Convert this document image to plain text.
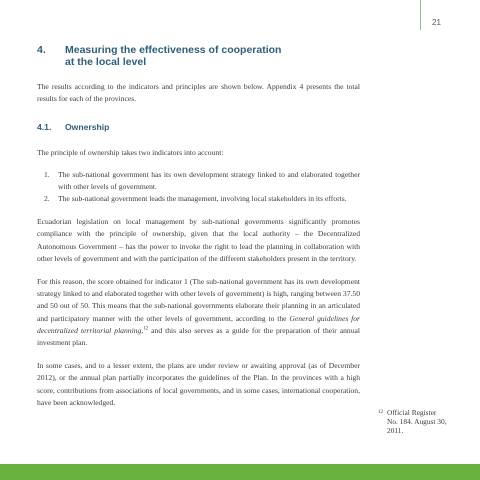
21
4.	Measuring the effectiveness of cooperation
at the local level

The results according to the indicators and principles are shown below. Appendix 4 presents the total results for each of the provinces.

4.1.	Ownership

The principle of ownership takes two indicators into account:

1. The sub-national government has its own development strategy linked to and elaborated together with other levels of government.
2. The sub-national government leads the management, involving local stakeholders in its efforts.

Ecuadorian legislation on local management by sub-national governments significantly promotes compliance with the principle of ownership, given that the local authority – the Decentralized Autonomous Government – has the power to invoke the right to lead the planning in collaboration with other levels of government and with the participation of the different stakeholders present in the territory.

For this reason, the score obtained for indicator 1 (The sub-national government has its own development strategy linked to and elaborated together with other levels of government) is high, ranging between 37.50 and 50 out of 50. This means that the sub-national governments elaborate their planning in an articulated and participatory manner with the other levels of government, according to the General guidelines for decentralized territorial planning,$^{12}$ and this also serves as a guide for the preparation of their annual investment plan.

In some cases, and to a lesser extent, the plans are under review or awaiting approval (as of December 2012), or the annual plan partially incorporates the guidelines of the Plan. In the provinces with a high score, contributions from associations of local governments, and in some cases, international cooperation, have been acknowledged.

12 Official Register No. 184. August 30, 2011.
